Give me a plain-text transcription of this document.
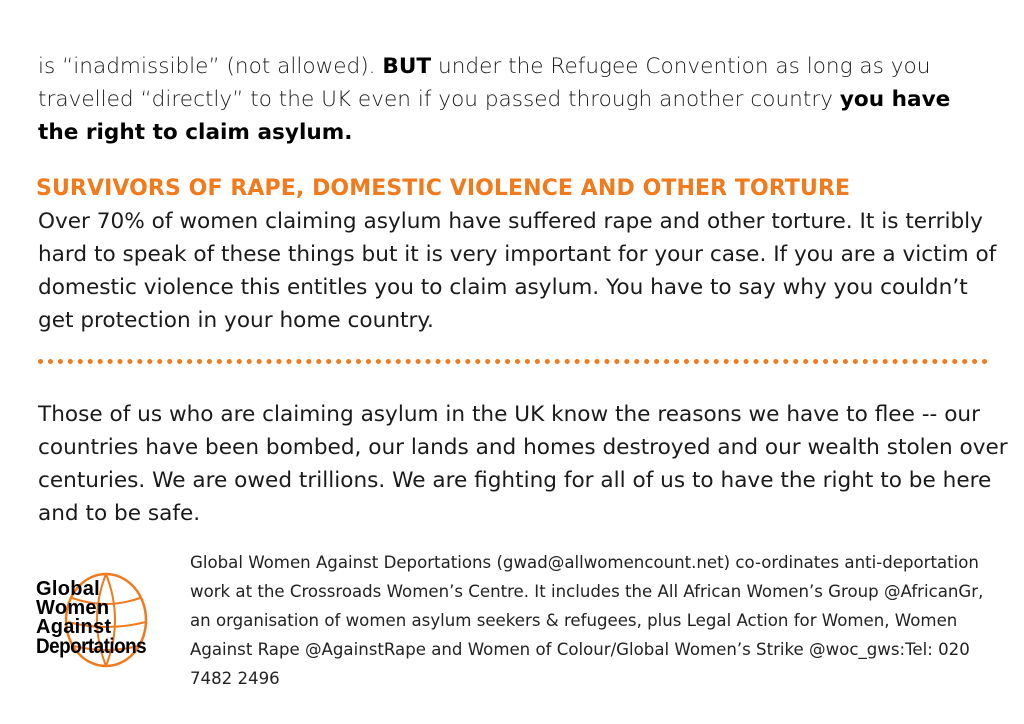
is “inadmissible” (not allowed). BUT under the Refugee Convention as long as you travelled “directly” to the UK even if you passed through another country you have the right to claim asylum.
SURVIVORS OF RAPE, DOMESTIC VIOLENCE AND OTHER TORTURE
Over 70% of women claiming asylum have suffered rape and other torture. It is terribly hard to speak of these things but it is very important for your case. If you are a victim of domestic violence this entitles you to claim asylum. You have to say why you couldn’t get protection in your home country.
Those of us who are claiming asylum in the UK know the reasons we have to flee -- our countries have been bombed, our lands and homes destroyed and our wealth stolen over centuries. We are owed trillions. We are fighting for all of us to have the right to be here and to be safe.
Global
Women
Against
Deportations
Global Women Against Deportations (gwad@allwomencount.net) co-ordinates anti-deportation work at the Crossroads Women’s Centre. It includes the All African Women’s Group @AfricanGr, an organisation of women asylum seekers & refugees, plus Legal Action for Women, Women Against Rape @AgainstRape and Women of Colour/Global Women’s Strike @woc_gws:Tel: 020 7482 2496
